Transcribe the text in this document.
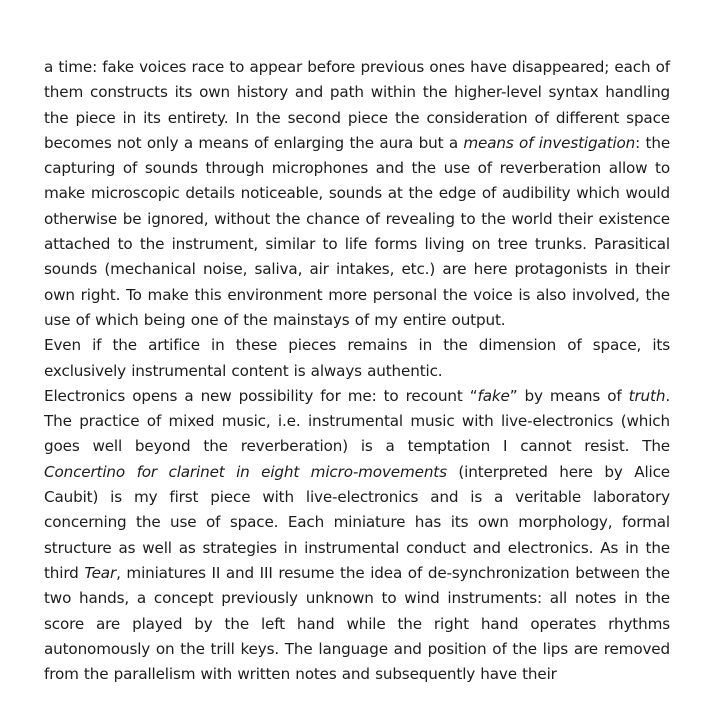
a time: fake voices race to appear before previous ones have disappeared; each of them constructs its own history and path within the higher-level syntax handling the piece in its entirety. In the second piece the consideration of different space becomes not only a means of enlarging the aura but a means of investigation: the capturing of sounds through microphones and the use of reverberation allow to make microscopic details noticeable, sounds at the edge of audibility which would otherwise be ignored, without the chance of revealing to the world their existence attached to the instrument, similar to life forms living on tree trunks. Parasitical sounds (mechanical noise, saliva, air intakes, etc.) are here protagonists in their own right. To make this environment more personal the voice is also involved, the use of which being one of the mainstays of my entire output.

Even if the artifice in these pieces remains in the dimension of space, its exclusively instrumental content is always authentic.

Electronics opens a new possibility for me: to recount “fake” by means of truth. The practice of mixed music, i.e. instrumental music with live-electronics (which goes well beyond the reverberation) is a temptation I cannot resist. The Concertino for clarinet in eight micro-movements (interpreted here by Alice Caubit) is my first piece with live-electronics and is a veritable laboratory concerning the use of space. Each miniature has its own morphology, formal structure as well as strategies in instrumental conduct and electronics. As in the third Tear, miniatures II and III resume the idea of de-synchronization between the two hands, a concept previously unknown to wind instruments: all notes in the score are played by the left hand while the right hand operates rhythms autonomously on the trill keys. The language and position of the lips are removed from the parallelism with written notes and subsequently have their
